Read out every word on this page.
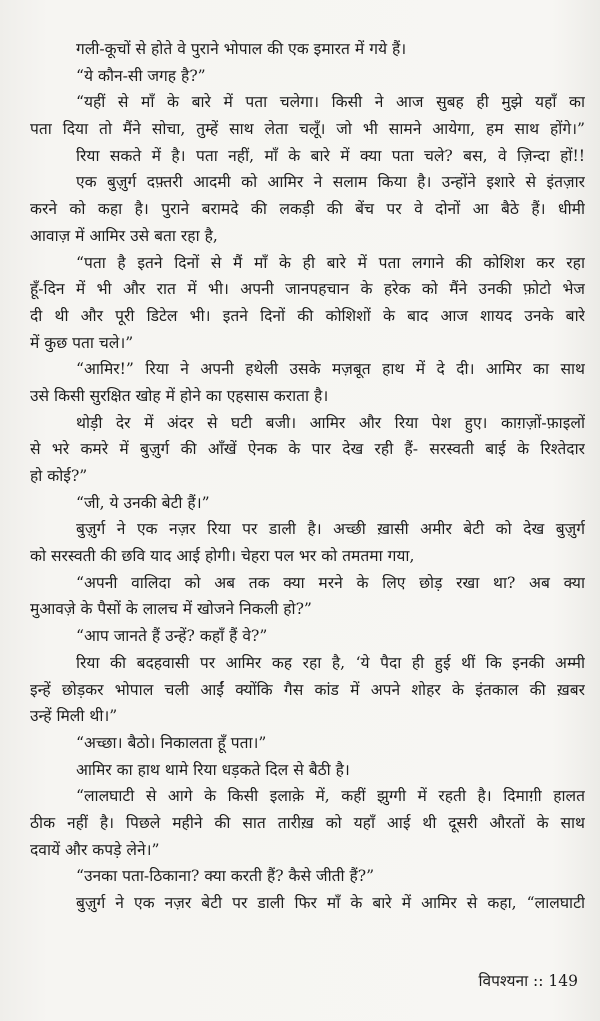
गली-कूचों से होते वे पुराने भोपाल की एक इमारत में गये हैं।
“ये कौन-सी जगह है?”
“यहीं से माँ के बारे में पता चलेगा। किसी ने आज सुबह ही मुझे यहाँ का
पता दिया तो मैंने सोचा, तुम्हें साथ लेता चलूँ। जो भी सामने आयेगा, हम साथ होंगे।”
रिया सकते में है। पता नहीं, माँ के बारे में क्या पता चले? बस, वे ज़िन्दा हों!!
एक बुज़ुर्ग दफ़्तरी आदमी को आमिर ने सलाम किया है। उन्होंने इशारे से इंतज़ार
करने को कहा है। पुराने बरामदे की लकड़ी की बेंच पर वे दोनों आ बैठे हैं। धीमी
आवाज़ में आमिर उसे बता रहा है,
“पता है इतने दिनों से मैं माँ के ही बारे में पता लगाने की कोशिश कर रहा
हूँ-दिन में भी और रात में भी। अपनी जानपहचान के हरेक को मैंने उनकी फ़ोटो भेज
दी थी और पूरी डिटेल भी। इतने दिनों की कोशिशों के बाद आज शायद उनके बारे
में कुछ पता चले।”
“आमिर!” रिया ने अपनी हथेली उसके मज़बूत हाथ में दे दी। आमिर का साथ
उसे किसी सुरक्षित खोह में होने का एहसास कराता है।
थोड़ी देर में अंदर से घटी बजी। आमिर और रिया पेश हुए। काग़ज़ों-फ़ाइलों
से भरे कमरे में बुज़ुर्ग की आँखें ऐनक के पार देख रही हैं- सरस्वती बाई के रिश्तेदार
हो कोई?”
“जी, ये उनकी बेटी हैं।”
बुज़ुर्ग ने एक नज़र रिया पर डाली है। अच्छी ख़ासी अमीर बेटी को देख बुज़ुर्ग
को सरस्वती की छवि याद आई होगी। चेहरा पल भर को तमतमा गया,
“अपनी वालिदा को अब तक क्या मरने के लिए छोड़ रखा था? अब क्या
मुआवज़े के पैसों के लालच में खोजने निकली हो?”
“आप जानते हैं उन्हें? कहाँ हैं वे?”
रिया की बदहवासी पर आमिर कह रहा है, ‘ये पैदा ही हुई थीं कि इनकी अम्मी
इन्हें छोड़कर भोपाल चली आईं क्योंकि गैस कांड में अपने शोहर के इंतकाल की ख़बर
उन्हें मिली थी।”
“अच्छा। बैठो। निकालता हूँ पता।”
आमिर का हाथ थामे रिया धड़कते दिल से बैठी है।
“लालघाटी से आगे के किसी इलाक़े में, कहीं झुग्गी में रहती है। दिमाग़ी हालत
ठीक नहीं है। पिछले महीने की सात तारीख़ को यहाँ आई थी दूसरी औरतों के साथ
दवायें और कपड़े लेने।”
“उनका पता-ठिकाना? क्या करती हैं? कैसे जीती हैं?”
बुज़ुर्ग ने एक नज़र बेटी पर डाली फिर माँ के बारे में आमिर से कहा, “लालघाटी
विपश्यना :: 149
